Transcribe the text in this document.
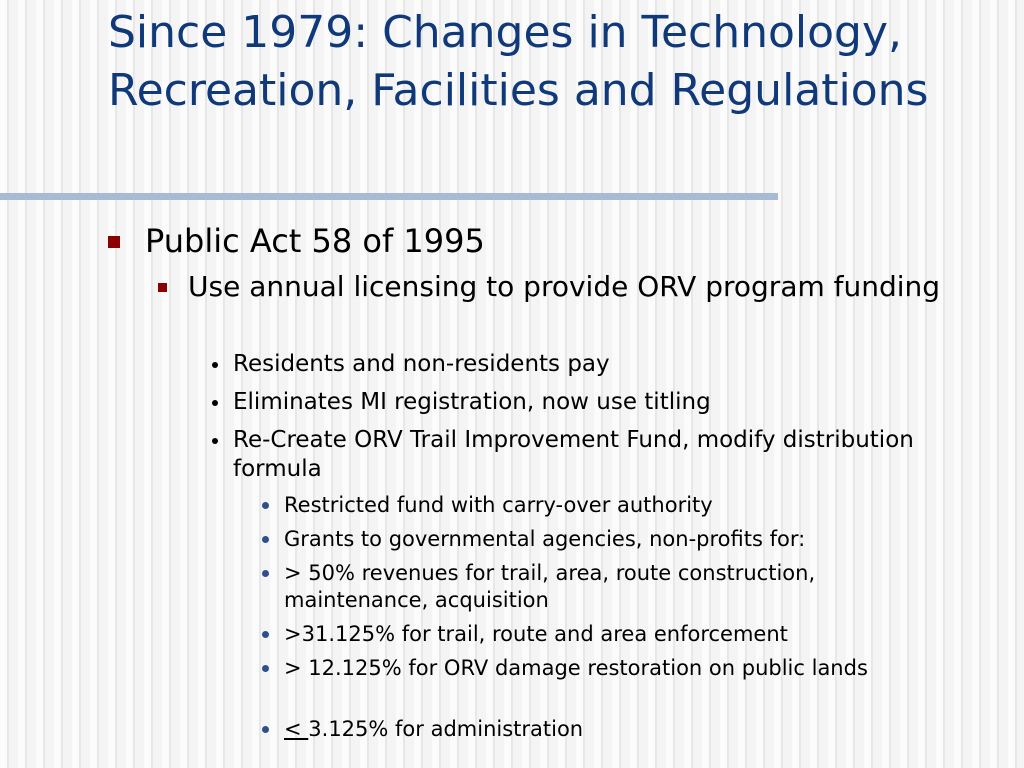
Since 1979: Changes in Technology, Recreation, Facilities and Regulations
Public Act 58 of 1995
Use annual licensing to provide ORV program funding
Residents and non-residents pay
Eliminates MI registration, now use titling
Re-Create ORV Trail Improvement Fund, modify distribution formula
Restricted fund with carry-over authority
Grants to governmental agencies, non-profits for:
> 50% revenues for trail, area, route construction, maintenance, acquisition
>31.125% for trail, route and area enforcement
> 12.125% for ORV damage restoration on public lands
< 3.125% for administration
